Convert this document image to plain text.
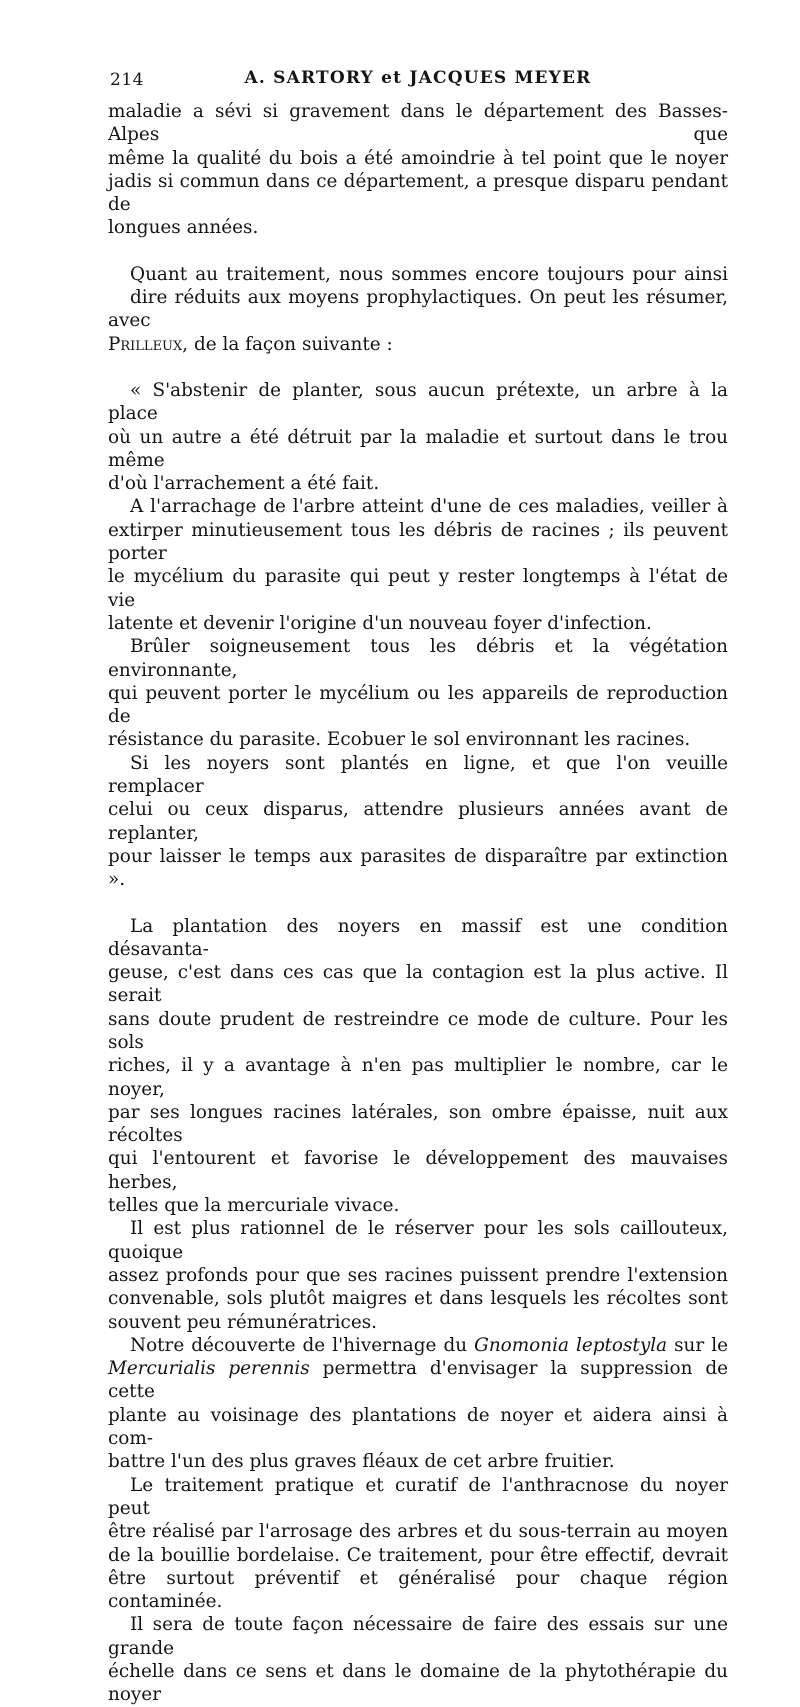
214	A. SARTORY et JACQUES MEYER

maladie a sévi si gravement dans le département des Basses-Alpes que
même la qualité du bois a été amoindrie à tel point que le noyer
jadis si commun dans ce département, a presque disparu pendant de
longues années.

Quant au traitement, nous sommes encore toujours pour ainsi
dire réduits aux moyens prophylactiques. On peut les résumer, avec
Prilleux, de la façon suivante :

« S'abstenir de planter, sous aucun prétexte, un arbre à la place
où un autre a été détruit par la maladie et surtout dans le trou même
d'où l'arrachement a été fait.

A l'arrachage de l'arbre atteint d'une de ces maladies, veiller à
extirper minutieusement tous les débris de racines ; ils peuvent porter
le mycélium du parasite qui peut y rester longtemps à l'état de vie
latente et devenir l'origine d'un nouveau foyer d'infection.

Brûler soigneusement tous les débris et la végétation environnante,
qui peuvent porter le mycélium ou les appareils de reproduction de
résistance du parasite. Ecobuer le sol environnant les racines.

Si les noyers sont plantés en ligne, et que l'on veuille remplacer
celui ou ceux disparus, attendre plusieurs années avant de replanter,
pour laisser le temps aux parasites de disparaître par extinction ».

La plantation des noyers en massif est une condition désavanta-
geuse, c'est dans ces cas que la contagion est la plus active. Il serait
sans doute prudent de restreindre ce mode de culture. Pour les sols
riches, il y a avantage à n'en pas multiplier le nombre, car le noyer,
par ses longues racines latérales, son ombre épaisse, nuit aux récoltes
qui l'entourent et favorise le développement des mauvaises herbes,
telles que la mercuriale vivace.

Il est plus rationnel de le réserver pour les sols caillouteux, quoique
assez profonds pour que ses racines puissent prendre l'extension
convenable, sols plutôt maigres et dans lesquels les récoltes sont
souvent peu rémunératrices.

Notre découverte de l'hivernage du Gnomonia leptostyla sur le
Mercurialis perennis permettra d'envisager la suppression de cette
plante au voisinage des plantations de noyer et aidera ainsi à com-
battre l'un des plus graves fléaux de cet arbre fruitier.

Le traitement pratique et curatif de l'anthracnose du noyer peut
être réalisé par l'arrosage des arbres et du sous-terrain au moyen
de la bouillie bordelaise. Ce traitement, pour être effectif, devrait
être surtout préventif et généralisé pour chaque région contaminée.

Il sera de toute façon nécessaire de faire des essais sur une grande
échelle dans ce sens et dans le domaine de la phytothérapie du noyer
